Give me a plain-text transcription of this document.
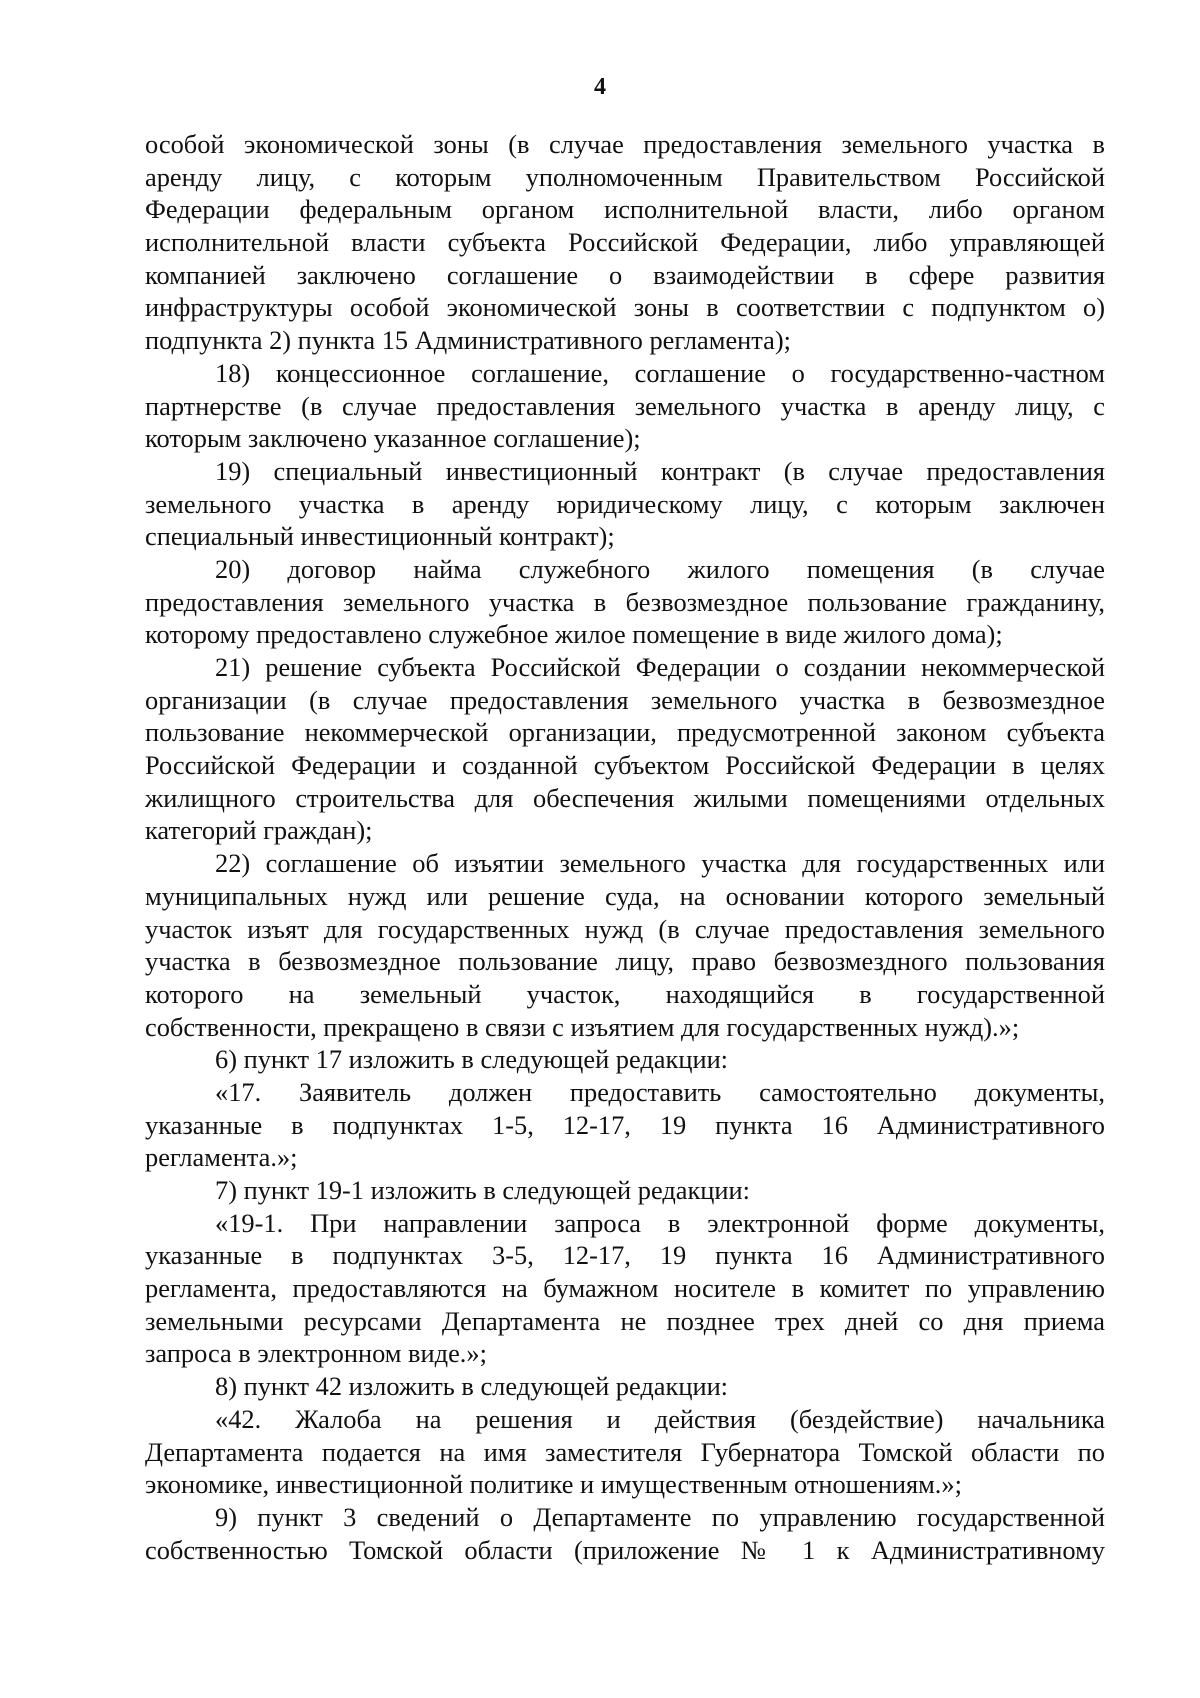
4
особой экономической зоны (в случае предоставления земельного участка в
аренду лицу, с которым уполномоченным Правительством Российской
Федерации федеральным органом исполнительной власти, либо органом
исполнительной власти субъекта Российской Федерации, либо управляющей
компанией заключено соглашение о взаимодействии в сфере развития
инфраструктуры особой экономической зоны в соответствии с подпунктом о)
подпункта 2) пункта 15 Административного регламента);
18) концессионное соглашение, соглашение о государственно-частном
партнерстве (в случае предоставления земельного участка в аренду лицу, с
которым заключено указанное соглашение);
19) специальный инвестиционный контракт (в случае предоставления
земельного участка в аренду юридическому лицу, с которым заключен
специальный инвестиционный контракт);
20) договор найма служебного жилого помещения (в случае
предоставления земельного участка в безвозмездное пользование гражданину,
которому предоставлено служебное жилое помещение в виде жилого дома);
21) решение субъекта Российской Федерации о создании некоммерческой
организации (в случае предоставления земельного участка в безвозмездное
пользование некоммерческой организации, предусмотренной законом субъекта
Российской Федерации и созданной субъектом Российской Федерации в целях
жилищного строительства для обеспечения жилыми помещениями отдельных
категорий граждан);
22) соглашение об изъятии земельного участка для государственных или
муниципальных нужд или решение суда, на основании которого земельный
участок изъят для государственных нужд (в случае предоставления земельного
участка в безвозмездное пользование лицу, право безвозмездного пользования
которого на земельный участок, находящийся в государственной
собственности, прекращено в связи с изъятием для государственных нужд).»;
6) пункт 17 изложить в следующей редакции:
«17. Заявитель должен предоставить самостоятельно документы,
указанные в подпунктах 1-5, 12-17, 19 пункта 16 Административного
регламента.»;
7) пункт 19-1 изложить в следующей редакции:
«19-1. При направлении запроса в электронной форме документы,
указанные в подпунктах 3-5, 12-17, 19 пункта 16 Административного
регламента, предоставляются на бумажном носителе в комитет по управлению
земельными ресурсами Департамента не позднее трех дней со дня приема
запроса в электронном виде.»;
8) пункт 42 изложить в следующей редакции:
«42. Жалоба на решения и действия (бездействие) начальника
Департамента подается на имя заместителя Губернатора Томской области по
экономике, инвестиционной политике и имущественным отношениям.»;
9) пункт 3 сведений о Департаменте по управлению государственной
собственностью Томской области (приложение № 1 к Административному
